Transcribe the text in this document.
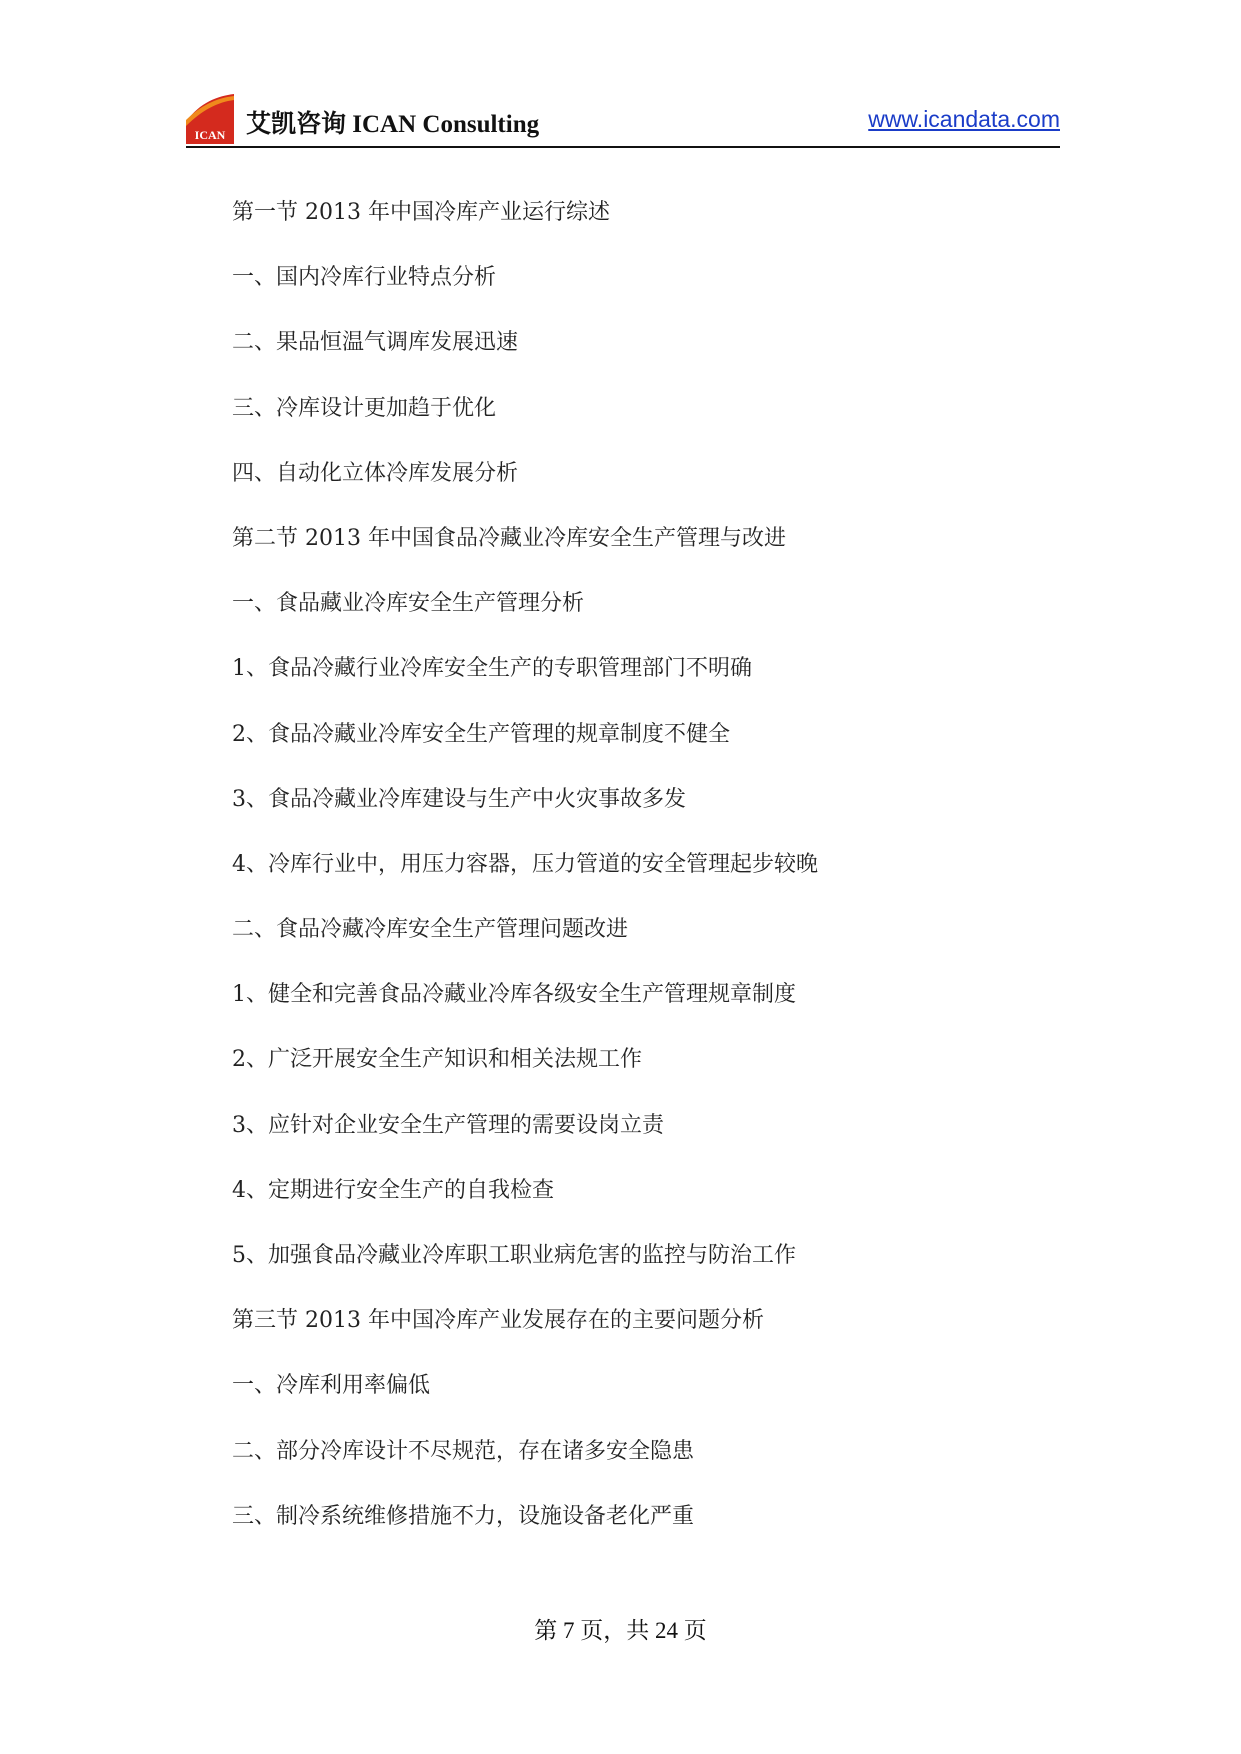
ICAN 艾凯咨询 ICAN Consulting	www.icandata.com
第一节 2013 年中国冷库产业运行综述
一、国内冷库行业特点分析
二、果品恒温气调库发展迅速
三、冷库设计更加趋于优化
四、自动化立体冷库发展分析
第二节 2013 年中国食品冷藏业冷库安全生产管理与改进
一、食品藏业冷库安全生产管理分析
1、食品冷藏行业冷库安全生产的专职管理部门不明确
2、食品冷藏业冷库安全生产管理的规章制度不健全
3、食品冷藏业冷库建设与生产中火灾事故多发
4、冷库行业中，用压力容器，压力管道的安全管理起步较晚
二、食品冷藏冷库安全生产管理问题改进
1、健全和完善食品冷藏业冷库各级安全生产管理规章制度
2、广泛开展安全生产知识和相关法规工作
3、应针对企业安全生产管理的需要设岗立责
4、定期进行安全生产的自我检查
5、加强食品冷藏业冷库职工职业病危害的监控与防治工作
第三节 2013 年中国冷库产业发展存在的主要问题分析
一、冷库利用率偏低
二、部分冷库设计不尽规范，存在诸多安全隐患
三、制冷系统维修措施不力，设施设备老化严重
第 7 页，共 24 页
